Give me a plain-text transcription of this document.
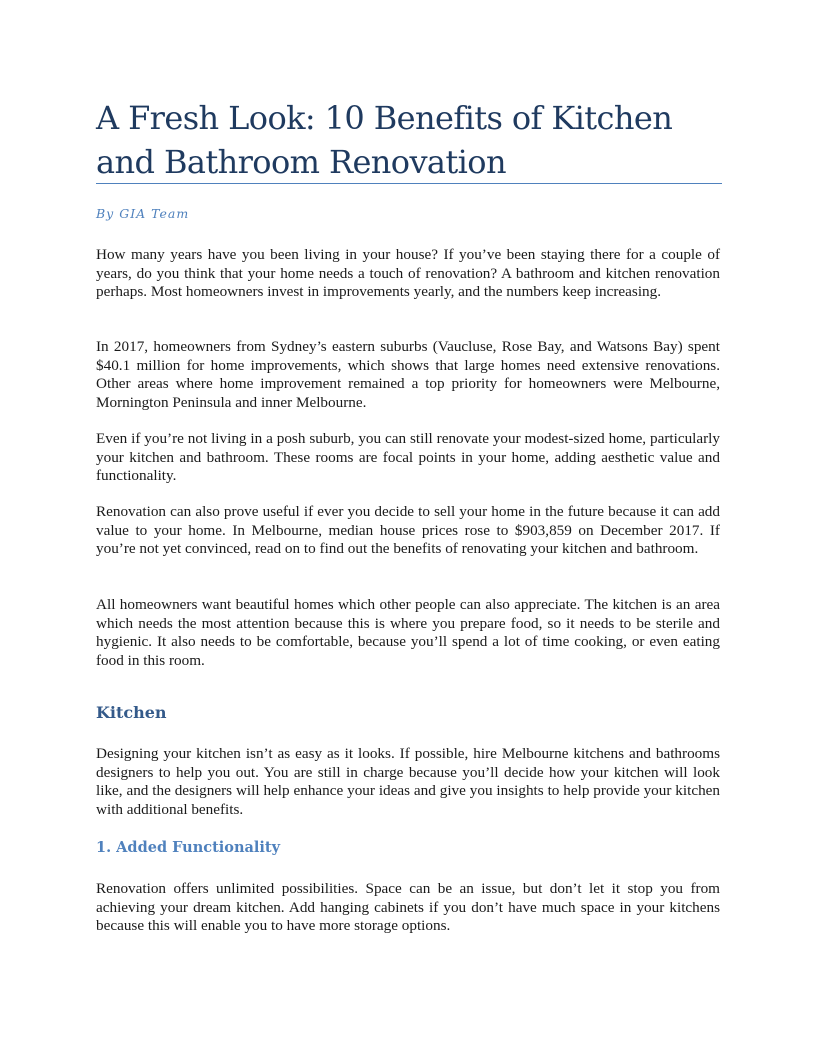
A Fresh Look: 10 Benefits of Kitchen and Bathroom Renovation

By GIA Team

How many years have you been living in your house? If you’ve been staying there for a couple of years, do you think that your home needs a touch of renovation? A bathroom and kitchen renovation perhaps. Most homeowners invest in improvements yearly, and the numbers keep increasing.

In 2017, homeowners from Sydney’s eastern suburbs (Vaucluse, Rose Bay, and Watsons Bay) spent $40.1 million for home improvements, which shows that large homes need extensive renovations. Other areas where home improvement remained a top priority for homeowners were Melbourne, Mornington Peninsula and inner Melbourne.

Even if you’re not living in a posh suburb, you can still renovate your modest-sized home, particularly your kitchen and bathroom. These rooms are focal points in your home, adding aesthetic value and functionality.

Renovation can also prove useful if ever you decide to sell your home in the future because it can add value to your home. In Melbourne, median house prices rose to $903,859 on December 2017. If you’re not yet convinced, read on to find out the benefits of renovating your kitchen and bathroom.

All homeowners want beautiful homes which other people can also appreciate. The kitchen is an area which needs the most attention because this is where you prepare food, so it needs to be sterile and hygienic. It also needs to be comfortable, because you’ll spend a lot of time cooking, or even eating food in this room.

Kitchen

Designing your kitchen isn’t as easy as it looks. If possible, hire Melbourne kitchens and bathrooms designers to help you out. You are still in charge because you’ll decide how your kitchen will look like, and the designers will help enhance your ideas and give you insights to help provide your kitchen with additional benefits.

1. Added Functionality

Renovation offers unlimited possibilities. Space can be an issue, but don’t let it stop you from achieving your dream kitchen. Add hanging cabinets if you don’t have much space in your kitchens because this will enable you to have more storage options.
